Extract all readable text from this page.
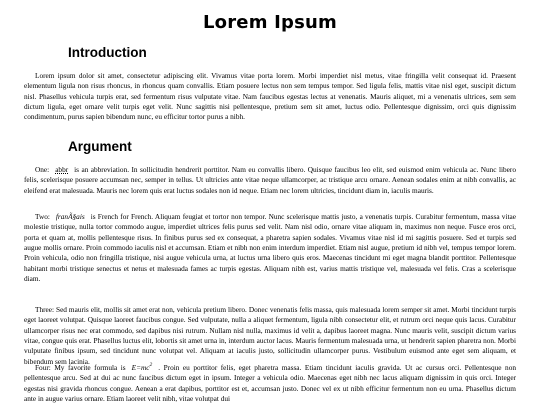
Lorem Ipsum
Introduction

Lorem ipsum dolor sit amet, consectetur adipiscing elit. Vivamus vitae porta lorem. Morbi imperdiet nisl metus, vitae fringilla velit consequat id. Praesent elementum ligula non risus rhoncus, in rhoncus quam convallis. Etiam posuere lectus non sem tempus tempor. Sed ligula felis, mattis vitae nisl eget, suscipit dictum nisl. Phasellus vehicula turpis erat, sed fermentum risus vulputate vitae. Nam faucibus egestas lectus at venenatis. Mauris aliquet, mi a venenatis ultrices, sem sem dictum ligula, eget ornare velit turpis eget velit. Nunc sagittis nisi pellentesque, pretium sem sit amet, luctus odio. Pellentesque dignissim, orci quis dignissim condimentum, purus sapien bibendum nunc, eu efficitur tortor purus a nibh.

Argument

One: abbr is an abbreviation. In sollicitudin hendrerit porttitor. Nam eu convallis libero. Quisque faucibus leo elit, sed euismod enim vehicula ac. Nunc libero felis, scelerisque posuere accumsan nec, semper in tellus. Ut ultricies ante vitae neque ullamcorper, ac tristique arcu ornare. Aenean sodales enim at nibh convallis, ac eleifend erat malesuada. Mauris nec lorem quis erat luctus sodales non id neque. Etiam nec lorem ultricies, tincidunt diam in, iaculis mauris.

Two: franÃ§ais is French for French. Aliquam feugiat et tortor non tempor. Nunc scelerisque mattis justo, a venenatis turpis. Curabitur fermentum, massa vitae molestie tristique, nulla tortor commodo augue, imperdiet ultrices felis purus sed velit. Nam nisl odio, ornare vitae aliquam in, maximus non neque. Fusce eros orci, porta et quam at, mollis pellentesque risus. In finibus purus sed ex consequat, a pharetra sapien sodales. Vivamus vitae nisl id mi sagittis posuere. Sed et turpis sed augue mollis ornare. Proin commodo iaculis nisl et accumsan. Etiam et nibh non enim interdum imperdiet. Etiam nisl augue, pretium id nibh vel, tempus tempor lorem. Proin vehicula, odio non fringilla tristique, nisi augue vehicula urna, at luctus urna libero quis eros. Maecenas tincidunt mi eget magna blandit porttitor. Pellentesque habitant morbi tristique senectus et netus et malesuada fames ac turpis egestas. Aliquam nibh est, varius mattis tristique vel, malesuada vel felis. Cras a scelerisque diam.

Three: Sed mauris elit, mollis sit amet erat non, vehicula pretium libero. Donec venenatis felis massa, quis malesuada lorem semper sit amet. Morbi tincidunt turpis eget laoreet volutpat. Quisque laoreet faucibus congue. Sed vulputate, nulla a aliquet fermentum, ligula nibh consectetur elit, et rutrum orci neque quis lacus. Curabitur ullamcorper risus nec erat commodo, sed dapibus nisi rutrum. Nullam nisl nulla, maximus id velit a, dapibus laoreet magna. Nunc mauris velit, suscipit dictum varius vitae, congue quis erat. Phasellus luctus elit, lobortis sit amet urna in, interdum auctor lacus. Mauris fermentum malesuada urna, ut hendrerit sapien pharetra non. Morbi vulputate finibus ipsum, sed tincidunt nunc volutpat vel. Aliquam at iaculis justo, sollicitudin ullamcorper purus. Vestibulum euismod ante eget sem aliquam, et bibendum sem lacinia.

Four: My favorite formula is $E=mc^2$ . Proin eu porttitor felis, eget pharetra massa. Etiam tincidunt iaculis gravida. Ut ac cursus orci. Pellentesque non pellentesque arcu. Sed at dui ac nunc faucibus dictum eget in ipsum. Integer a vehicula odio. Maecenas eget nibh nec lacus aliquam dignissim in quis orci. Integer egestas nisi gravida rhoncus congue. Aenean a erat dapibus, porttitor est et, accumsan justo. Donec vel ex ut nibh efficitur fermentum non eu urna. Phasellus dictum ante in augue varius ornare. Etiam laoreet velit nibh, vitae volutpat dui
